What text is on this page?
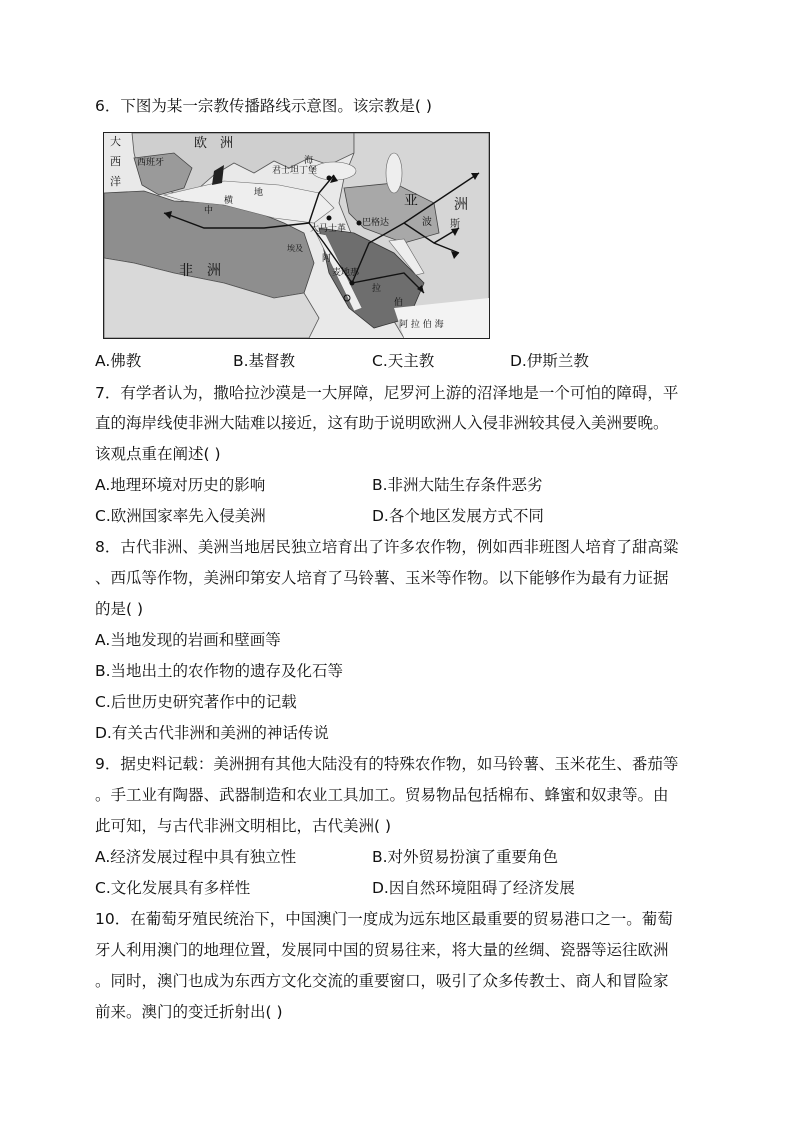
6．下图为某一宗教传播路线示意图。该宗教是( )
欧　洲
亚	洲
非　洲
大
西
洋
西班牙
君士坦丁堡
巴格达	波 斯
大马士革
麦地那
拉
伯
阿 拉 伯 海
埃及
海
横
地
中
阿
A.佛教	B.基督教	C.天主教	D.伊斯兰教
7．有学者认为，撒哈拉沙漠是一大屏障，尼罗河上游的沼泽地是一个可怕的障碍，平
直的海岸线使非洲大陆难以接近，这有助于说明欧洲人入侵非洲较其侵入美洲要晚。
该观点重在阐述( )
A.地理环境对历史的影响	B.非洲大陆生存条件恶劣
C.欧洲国家率先入侵美洲	D.各个地区发展方式不同
8．古代非洲、美洲当地居民独立培育出了许多农作物，例如西非班图人培育了甜高粱
、西瓜等作物，美洲印第安人培育了马铃薯、玉米等作物。以下能够作为最有力证据
的是( )
A.当地发现的岩画和壁画等
B.当地出土的农作物的遗存及化石等
C.后世历史研究著作中的记载
D.有关古代非洲和美洲的神话传说
9．据史料记载：美洲拥有其他大陆没有的特殊农作物，如马铃薯、玉米花生、番茄等
。手工业有陶器、武器制造和农业工具加工。贸易物品包括棉布、蜂蜜和奴隶等。由
此可知，与古代非洲文明相比，古代美洲( )
A.经济发展过程中具有独立性	B.对外贸易扮演了重要角色
C.文化发展具有多样性	D.因自然环境阻碍了经济发展
10．在葡萄牙殖民统治下，中国澳门一度成为远东地区最重要的贸易港口之一。葡萄
牙人利用澳门的地理位置，发展同中国的贸易往来，将大量的丝绸、瓷器等运往欧洲
。同时，澳门也成为东西方文化交流的重要窗口，吸引了众多传教士、商人和冒险家
前来。澳门的变迁折射出( )
